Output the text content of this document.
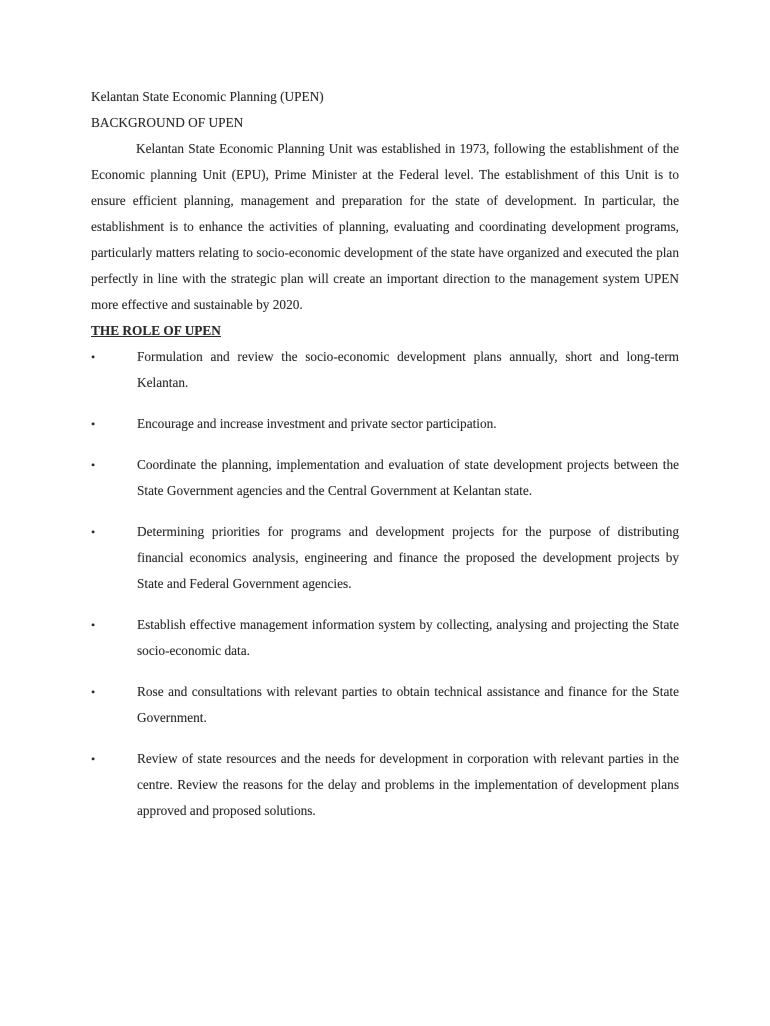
Kelantan State Economic Planning (UPEN)

BACKGROUND OF UPEN

Kelantan State Economic Planning Unit was established in 1973, following the establishment of the Economic planning Unit (EPU), Prime Minister at the Federal level. The establishment of this Unit is to ensure efficient planning, management and preparation for the state of development. In particular, the establishment is to enhance the activities of planning, evaluating and coordinating development programs, particularly matters relating to socio-economic development of the state have organized and executed the plan perfectly in line with the strategic plan will create an important direction to the management system UPEN more effective and sustainable by 2020.

THE ROLE OF UPEN

•	Formulation and review the socio-economic development plans annually, short and long-term Kelantan.
•	Encourage and increase investment and private sector participation.
•	Coordinate the planning, implementation and evaluation of state development projects between the State Government agencies and the Central Government at Kelantan state.
•	Determining priorities for programs and development projects for the purpose of distributing financial economics analysis, engineering and finance the proposed the development projects by State and Federal Government agencies.
•	Establish effective management information system by collecting, analysing and projecting the State socio-economic data.
•	Rose and consultations with relevant parties to obtain technical assistance and finance for the State Government.
•	Review of state resources and the needs for development in corporation with relevant parties in the centre. Review the reasons for the delay and problems in the implementation of development plans approved and proposed solutions.
